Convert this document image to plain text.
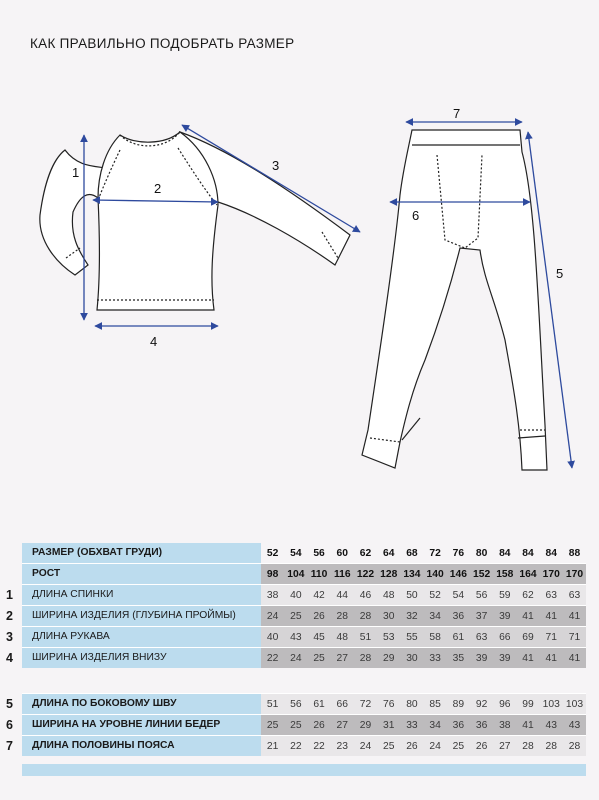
КАК ПРАВИЛЬНО ПОДОБРАТЬ РАЗМЕР
1
2
3
4
7
6
5
РАЗМЕР (ОБХВАТ ГРУДИ)	52	54	56	60	62	64	68	72	76	80	84	84	84	88
РОСТ	98 104 110 116 122 128 134 140 146 152 158 164 170 170
1	ДЛИНА СПИНКИ	38	40	42	44	46	48	50	52	54	56	59	62	63	63
2	ШИРИНА ИЗДЕЛИЯ (ГЛУБИНА ПРОЙМЫ)	24	25	26	28	28	30	32	34	36	37	39	41	41	41
3	ДЛИНА РУКАВА	40	43	45	48	51	53	55	58	61	63	66	69	71	71
4	ШИРИНА ИЗДЕЛИЯ ВНИЗУ	22	24	25	27	28	29	30	33	35	39	39	41	41	41
5	ДЛИНА ПО БОКОВОМУ ШВУ	51	56	61	66	72	76	80	85	89	92	96	99 103 103
6	ШИРИНА НА УРОВНЕ ЛИНИИ БЕДЕР	25	25	26	27	29	31	33	34	36	36	38	41	43	43
7	ДЛИНА ПОЛОВИНЫ ПОЯСА	21	22	22	23	24	25	26	24	25	26	27	28	28	28
